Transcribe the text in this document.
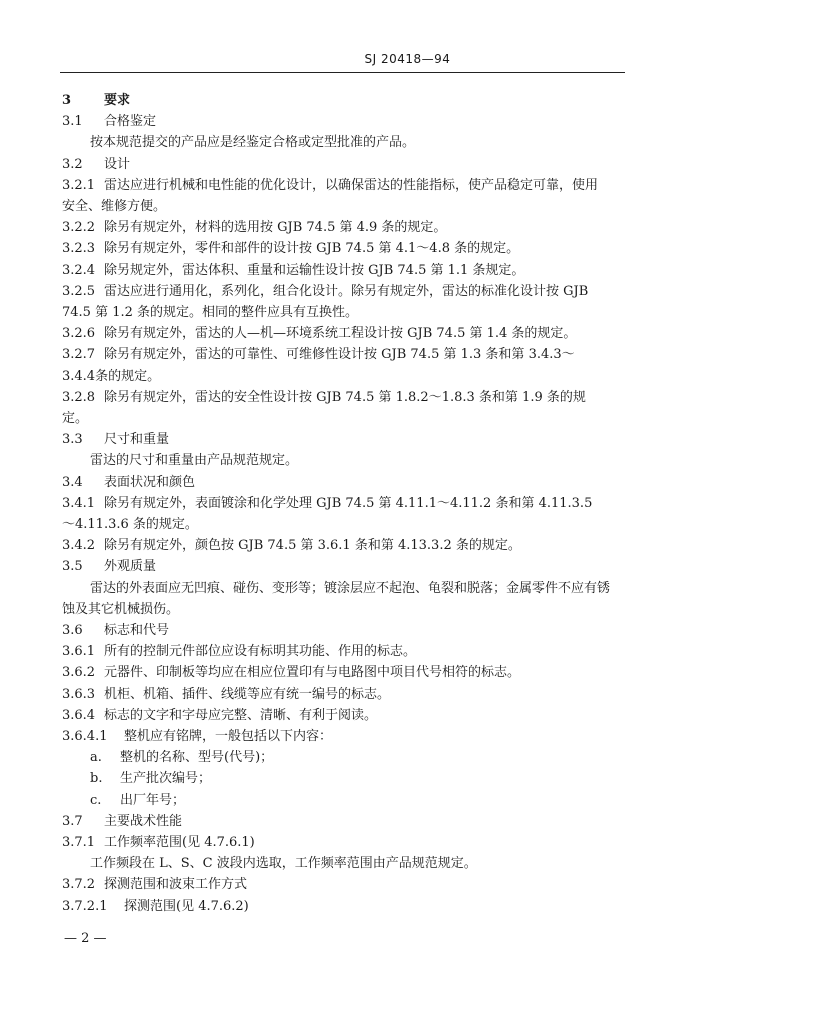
SJ 20418—94
3	要求
3.1 合格鉴定
按本规范提交的产品应是经鉴定合格或定型批准的产品。
3.2 设计
3.2.1 雷达应进行机械和电性能的优化设计，以确保雷达的性能指标，使产品稳定可靠，使用
安全、维修方便。
3.2.2 除另有规定外，材料的选用按 GJB 74.5 第 4.9 条的规定。
3.2.3 除另有规定外，零件和部件的设计按 GJB 74.5 第 4.1～4.8 条的规定。
3.2.4 除另规定外，雷达体积、重量和运输性设计按 GJB 74.5 第 1.1 条规定。
3.2.5 雷达应进行通用化，系列化，组合化设计。除另有规定外，雷达的标准化设计按 GJB
74.5 第 1.2 条的规定。相同的整件应具有互换性。
3.2.6 除另有规定外，雷达的人—机—环境系统工程设计按 GJB 74.5 第 1.4 条的规定。
3.2.7 除另有规定外，雷达的可靠性、可维修性设计按 GJB 74.5 第 1.3 条和第 3.4.3～
3.4.4条的规定。
3.2.8 除另有规定外，雷达的安全性设计按 GJB 74.5 第 1.8.2～1.8.3 条和第 1.9 条的规
定。
3.3 尺寸和重量
雷达的尺寸和重量由产品规范规定。
3.4 表面状况和颜色
3.4.1 除另有规定外，表面镀涂和化学处理 GJB 74.5 第 4.11.1～4.11.2 条和第 4.11.3.5
～4.11.3.6 条的规定。
3.4.2 除另有规定外，颜色按 GJB 74.5 第 3.6.1 条和第 4.13.3.2 条的规定。
3.5 外观质量
雷达的外表面应无凹痕、碰伤、变形等；镀涂层应不起泡、龟裂和脱落；金属零件不应有锈
蚀及其它机械损伤。
3.6 标志和代号
3.6.1 所有的控制元件部位应设有标明其功能、作用的标志。
3.6.2 元器件、印制板等均应在相应位置印有与电路图中项目代号相符的标志。
3.6.3 机柜、机箱、插件、线缆等应有统一编号的标志。
3.6.4 标志的文字和字母应完整、清晰、有利于阅读。
3.6.4.1 整机应有铭牌，一般包括以下内容：
a. 整机的名称、型号(代号)；
b. 生产批次编号；
c. 出厂年号；
3.7 主要战术性能
3.7.1 工作频率范围(见 4.7.6.1)
工作频段在 L、S、C 波段内选取，工作频率范围由产品规范规定。
3.7.2 探测范围和波束工作方式
3.7.2.1 探测范围(见 4.7.6.2)
— 2 —
